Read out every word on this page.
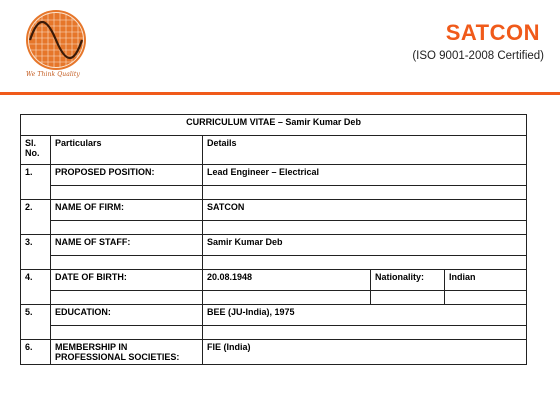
We Think Quality
SATCON
(ISO 9001-2008 Certified)
CURRICULUM VITAE – Samir Kumar Deb				
Sl. No.	Particulars	Details		
1.	PROPOSED POSITION:	Lead Engineer – Electrical		

2.	NAME OF FIRM:	SATCON		

3.	NAME OF STAFF:	Samir Kumar Deb		

4.	DATE OF BIRTH:	20.08.1948	Nationality:	Indian

5.	EDUCATION:	BEE (JU-India), 1975		

6.	MEMBERSHIP IN PROFESSIONAL SOCIETIES:	FIE (India)		
